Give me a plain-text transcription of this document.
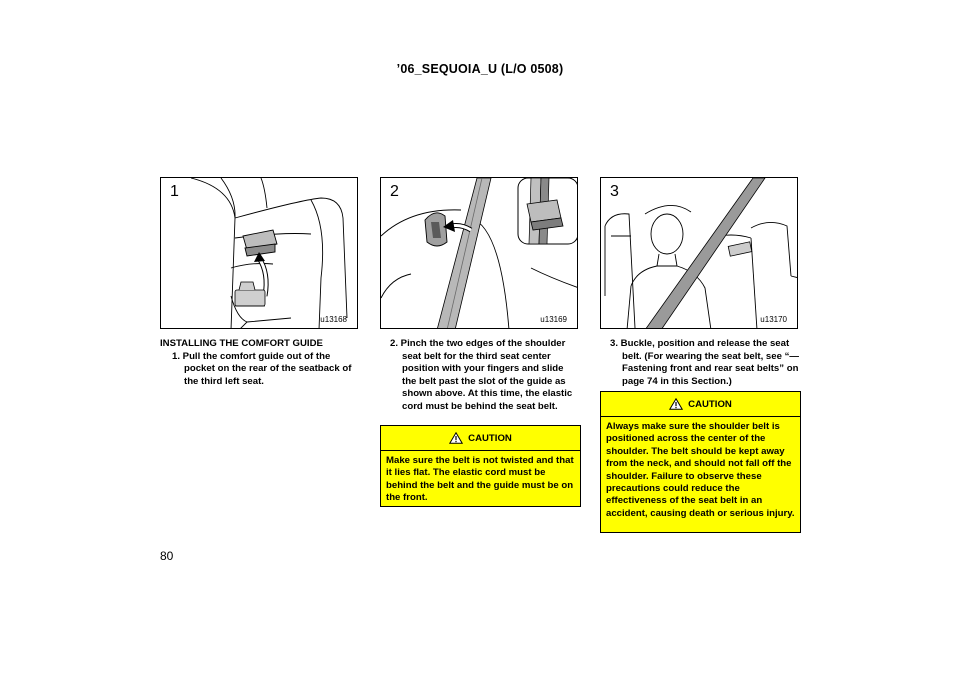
’06_SEQUOIA_U (L/O 0508)
1
u13168
2
u13169
3
u13170

INSTALLING THE COMFORT GUIDE

1. Pull the comfort guide out of the pocket on the rear of the seatback of the third left seat.

2. Pinch the two edges of the shoulder seat belt for the third seat center position with your fingers and slide the belt past the slot of the guide as shown above. At this time, the elastic cord must be behind the seat belt.

CAUTION
Make sure the belt is not twisted and that it lies flat. The elastic cord must be behind the belt and the guide must be on the front.

3. Buckle, position and release the seat belt. (For wearing the seat belt, see “—Fastening front and rear seat belts” on page 74 in this Section.)

CAUTION
Always make sure the shoulder belt is positioned across the center of the shoulder. The belt should be kept away from the neck, and should not fall off the shoulder. Failure to observe these precautions could reduce the effectiveness of the seat belt in an accident, causing death or serious injury.
80
